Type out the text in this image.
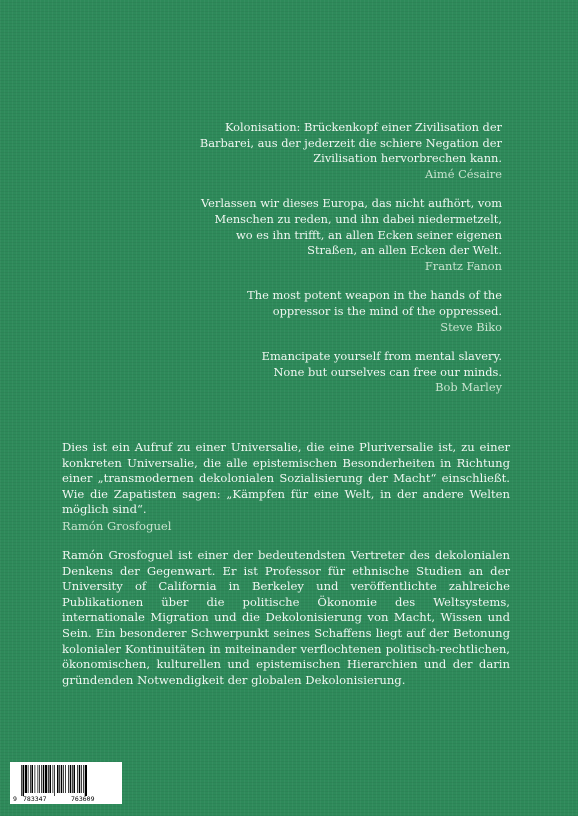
Kolonisation: Brückenkopf einer Zivilisation der
Barbarei, aus der jederzeit die schiere Negation der
Zivilisation hervorbrechen kann.
Aimé Césaire
Verlassen wir dieses Europa, das nicht aufhört, vom
Menschen zu reden, und ihn dabei niedermetzelt,
wo es ihn trifft, an allen Ecken seiner eigenen
Straßen, an allen Ecken der Welt.
Frantz Fanon
The most potent weapon in the hands of the
oppressor is the mind of the oppressed.
Steve Biko
Emancipate yourself from mental slavery.
None but ourselves can free our minds.
Bob Marley
Dies ist ein Aufruf zu einer Universalie, die eine Pluriversalie ist, zu einer konkreten Universalie, die alle epistemischen Besonderheiten in Richtung einer „transmodernen dekolonialen Sozialisierung der Macht“ einschließt. Wie die Zapatisten sagen: „Kämpfen für eine Welt, in der andere Welten möglich sind“.
Ramón Grosfoguel
Ramón Grosfoguel ist einer der bedeutendsten Vertreter des dekolonialen Denkens der Gegenwart. Er ist Professor für ethnische Studien an der University of California in Berkeley und veröffentlichte zahlreiche Publikationen über die politische Ökonomie des Weltsystems, internationale Migration und die Dekolonisierung von Macht, Wissen und Sein. Ein besonderer Schwerpunkt seines Schaffens liegt auf der Betonung kolonialer Kontinuitäten in miteinander verflochtenen politisch-rechtlichen, ökonomischen, kulturellen und epistemischen Hierarchien und der darin gründenden Notwendigkeit der globalen Dekolonisierung.
9 783347	763609
